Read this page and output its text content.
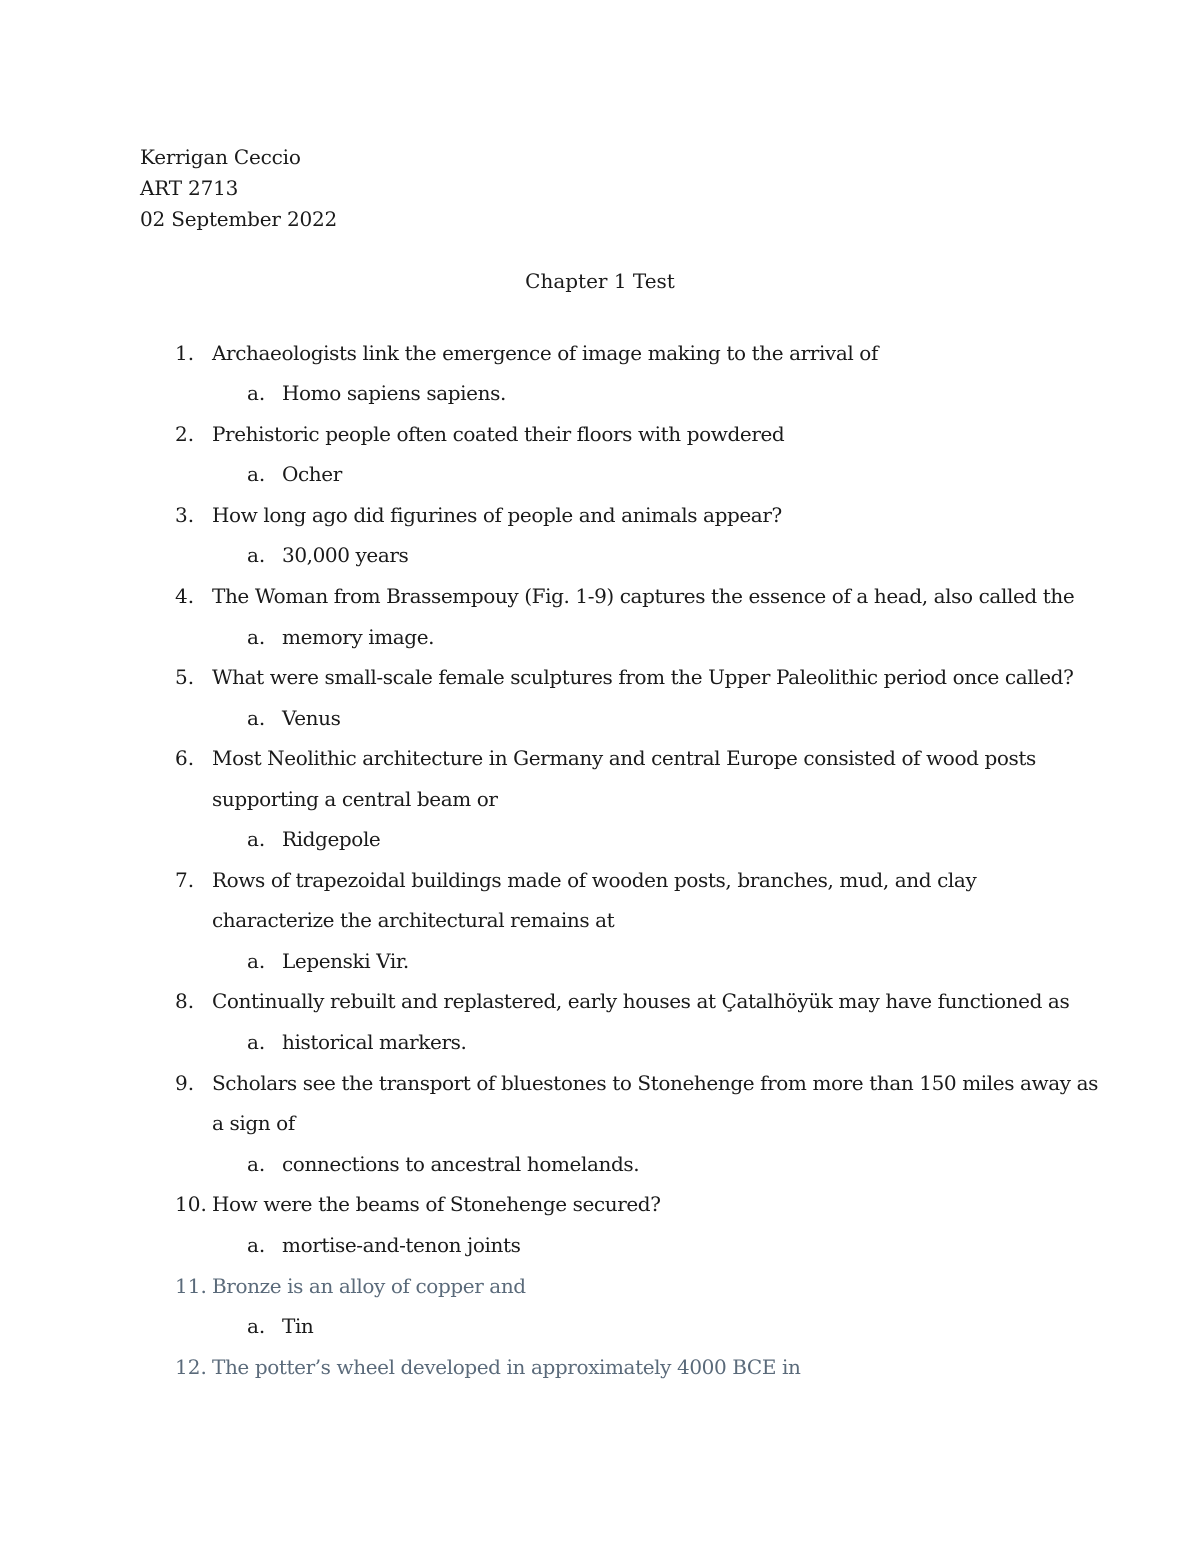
Kerrigan Ceccio
ART 2713
02 September 2022
Chapter 1 Test
1. Archaeologists link the emergence of image making to the arrival of
a. Homo sapiens sapiens.
2. Prehistoric people often coated their floors with powdered
a. Ocher
3. How long ago did figurines of people and animals appear?
a. 30,000 years
4. The Woman from Brassempouy (Fig. 1-9) captures the essence of a head, also called the
a. memory image.
5. What were small-scale female sculptures from the Upper Paleolithic period once called?
a. Venus
6. Most Neolithic architecture in Germany and central Europe consisted of wood posts
supporting a central beam or
a. Ridgepole
7. Rows of trapezoidal buildings made of wooden posts, branches, mud, and clay
characterize the architectural remains at
a. Lepenski Vir.
8. Continually rebuilt and replastered, early houses at Çatalhöyük may have functioned as
a. historical markers.
9. Scholars see the transport of bluestones to Stonehenge from more than 150 miles away as
a sign of
a. connections to ancestral homelands.
10. How were the beams of Stonehenge secured?
a. mortise-and-tenon joints
11. Bronze is an alloy of copper and
a. Tin
12. The potter’s wheel developed in approximately 4000 BCE in
